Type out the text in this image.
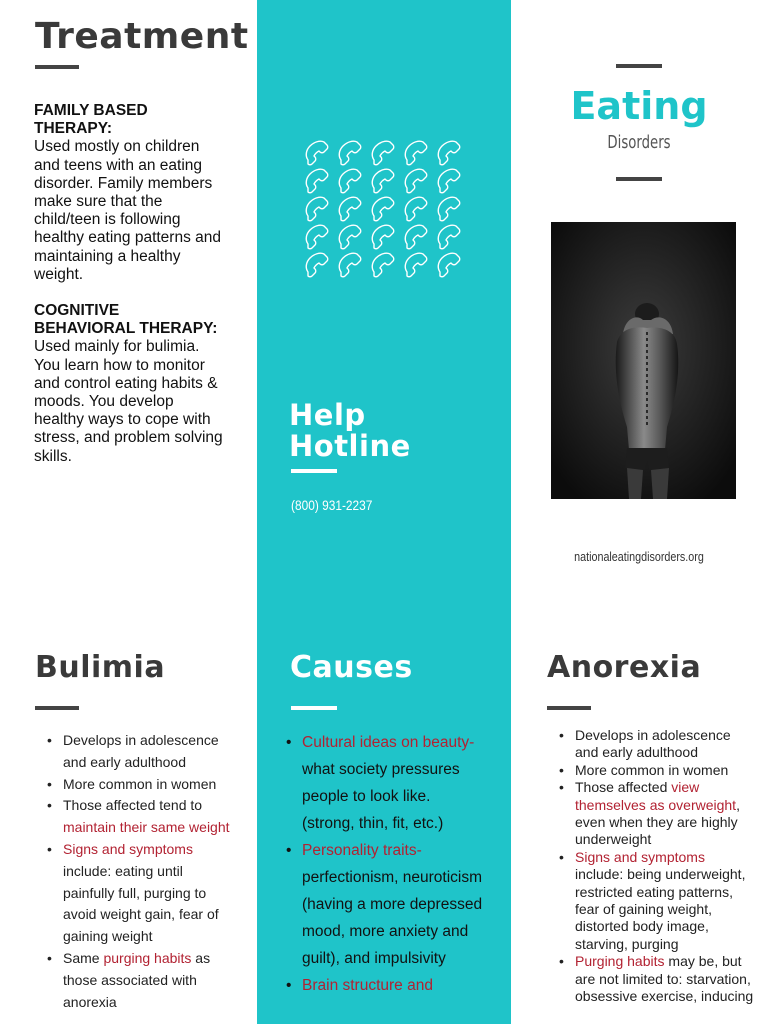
Treatment
FAMILY BASED THERAPY:
Used mostly on children and teens with an eating disorder. Family members make sure that the child/teen is following healthy eating patterns and maintaining a healthy weight.
COGNITIVE BEHAVIORAL THERAPY:
Used mainly for bulimia. You learn how to monitor and control eating habits & moods. You develop healthy ways to cope with stress, and problem solving skills.
Help
Hotline
(800) 931-2237
Eating
Disorders
nationaleatingdisorders.org
Bulimia
• Develops in adolescence and early adulthood
• More common in women
• Those affected tend to maintain their same weight
• Signs and symptoms include: eating until painfully full, purging to avoid weight gain, fear of gaining weight
• Same purging habits as those associated with anorexia
Causes
• Cultural ideas on beauty- what society pressures people to look like. (strong, thin, fit, etc.)
• Personality traits- perfectionism, neuroticism (having a more depressed mood, more anxiety and guilt), and impulsivity
• Brain structure and
Anorexia
• Develops in adolescence and early adulthood
• More common in women
• Those affected view themselves as overweight, even when they are highly underweight
• Signs and symptoms include: being underweight, restricted eating patterns, fear of gaining weight, distorted body image, starving, purging
• Purging habits may be, but are not limited to: starvation, obsessive exercise, inducing
